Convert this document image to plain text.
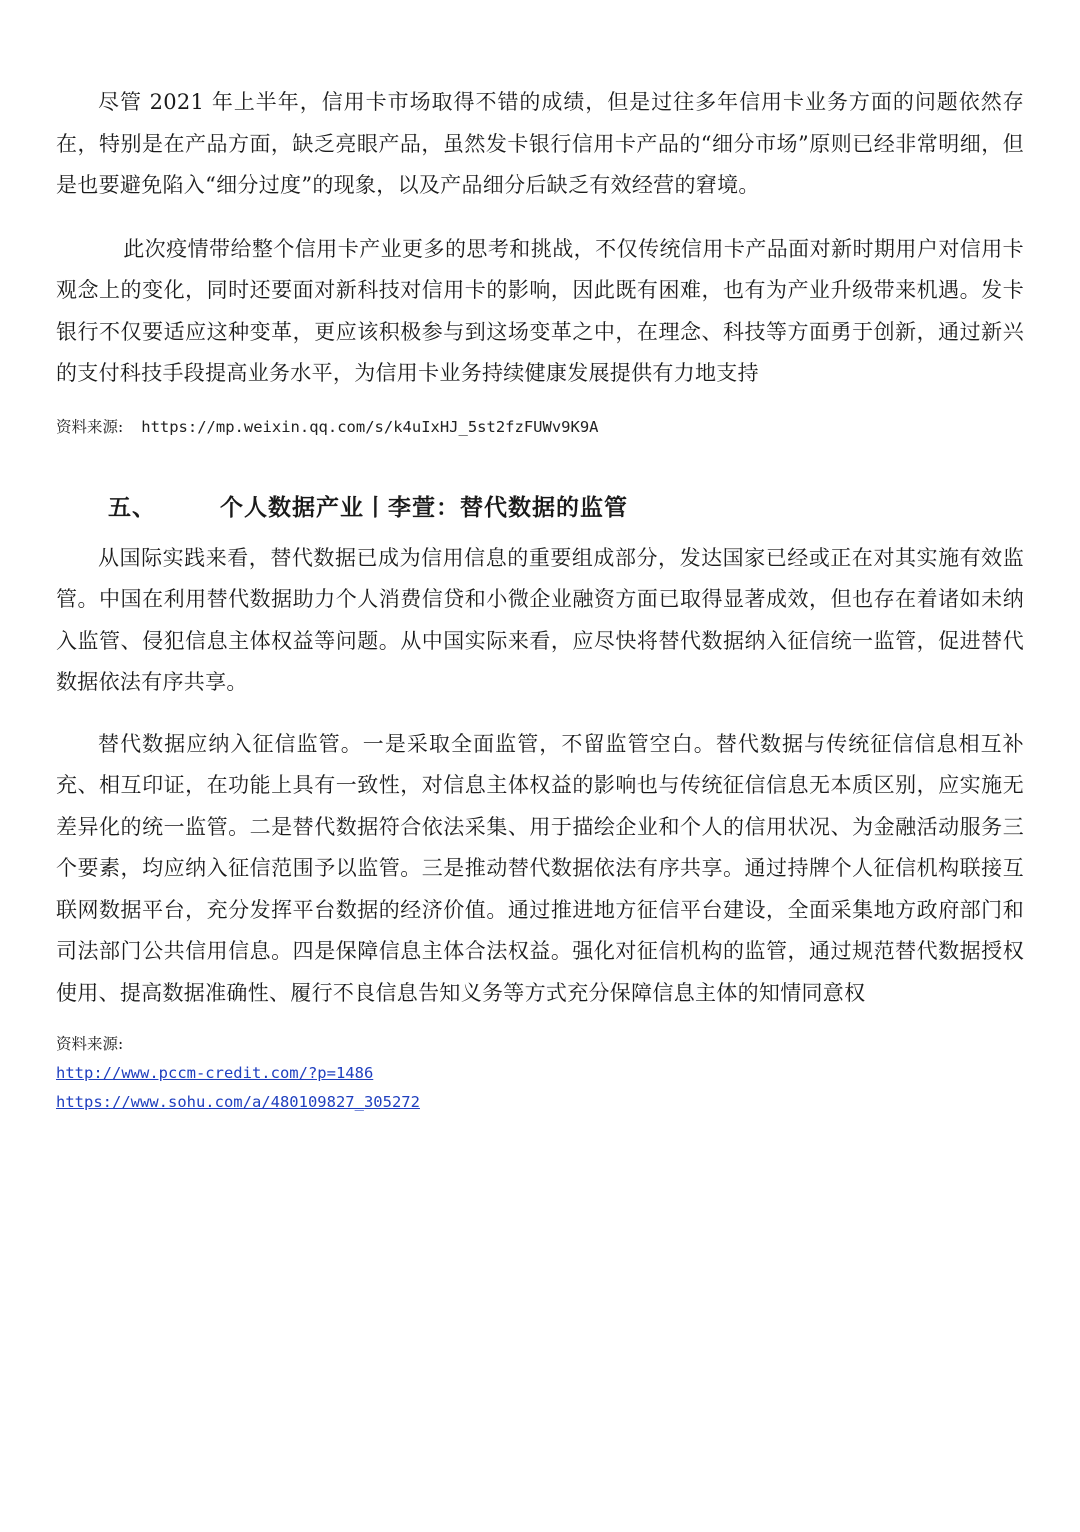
尽管 2021 年上半年，信用卡市场取得不错的成绩，但是过往多年信用卡业务方面的问题依然存在，特别是在产品方面，缺乏亮眼产品，虽然发卡银行信用卡产品的“细分市场”原则已经非常明细，但是也要避免陷入“细分过度”的现象，以及产品细分后缺乏有效经营的窘境。

此次疫情带给整个信用卡产业更多的思考和挑战，不仅传统信用卡产品面对新时期用户对信用卡观念上的变化，同时还要面对新科技对信用卡的影响，因此既有困难，也有为产业升级带来机遇。发卡银行不仅要适应这种变革，更应该积极参与到这场变革之中，在理念、科技等方面勇于创新，通过新兴的支付科技手段提高业务水平，为信用卡业务持续健康发展提供有力地支持

资料来源: https://mp.weixin.qq.com/s/k4uIxHJ_5st2fzFUWv9K9A
五、	个人数据产业丨李萱：替代数据的监管

从国际实践来看，替代数据已成为信用信息的重要组成部分，发达国家已经或正在对其实施有效监管。中国在利用替代数据助力个人消费信贷和小微企业融资方面已取得显著成效，但也存在着诸如未纳入监管、侵犯信息主体权益等问题。从中国实际来看，应尽快将替代数据纳入征信统一监管，促进替代数据依法有序共享。

替代数据应纳入征信监管。一是采取全面监管，不留监管空白。替代数据与传统征信信息相互补充、相互印证，在功能上具有一致性，对信息主体权益的影响也与传统征信信息无本质区别，应实施无差异化的统一监管。二是替代数据符合依法采集、用于描绘企业和个人的信用状况、为金融活动服务三个要素，均应纳入征信范围予以监管。三是推动替代数据依法有序共享。通过持牌个人征信机构联接互联网数据平台，充分发挥平台数据的经济价值。通过推进地方征信平台建设，全面采集地方政府部门和司法部门公共信用信息。四是保障信息主体合法权益。强化对征信机构的监管，通过规范替代数据授权使用、提高数据准确性、履行不良信息告知义务等方式充分保障信息主体的知情同意权

资料来源:
http://www.pccm-credit.com/?p=1486
https://www.sohu.com/a/480109827_305272
